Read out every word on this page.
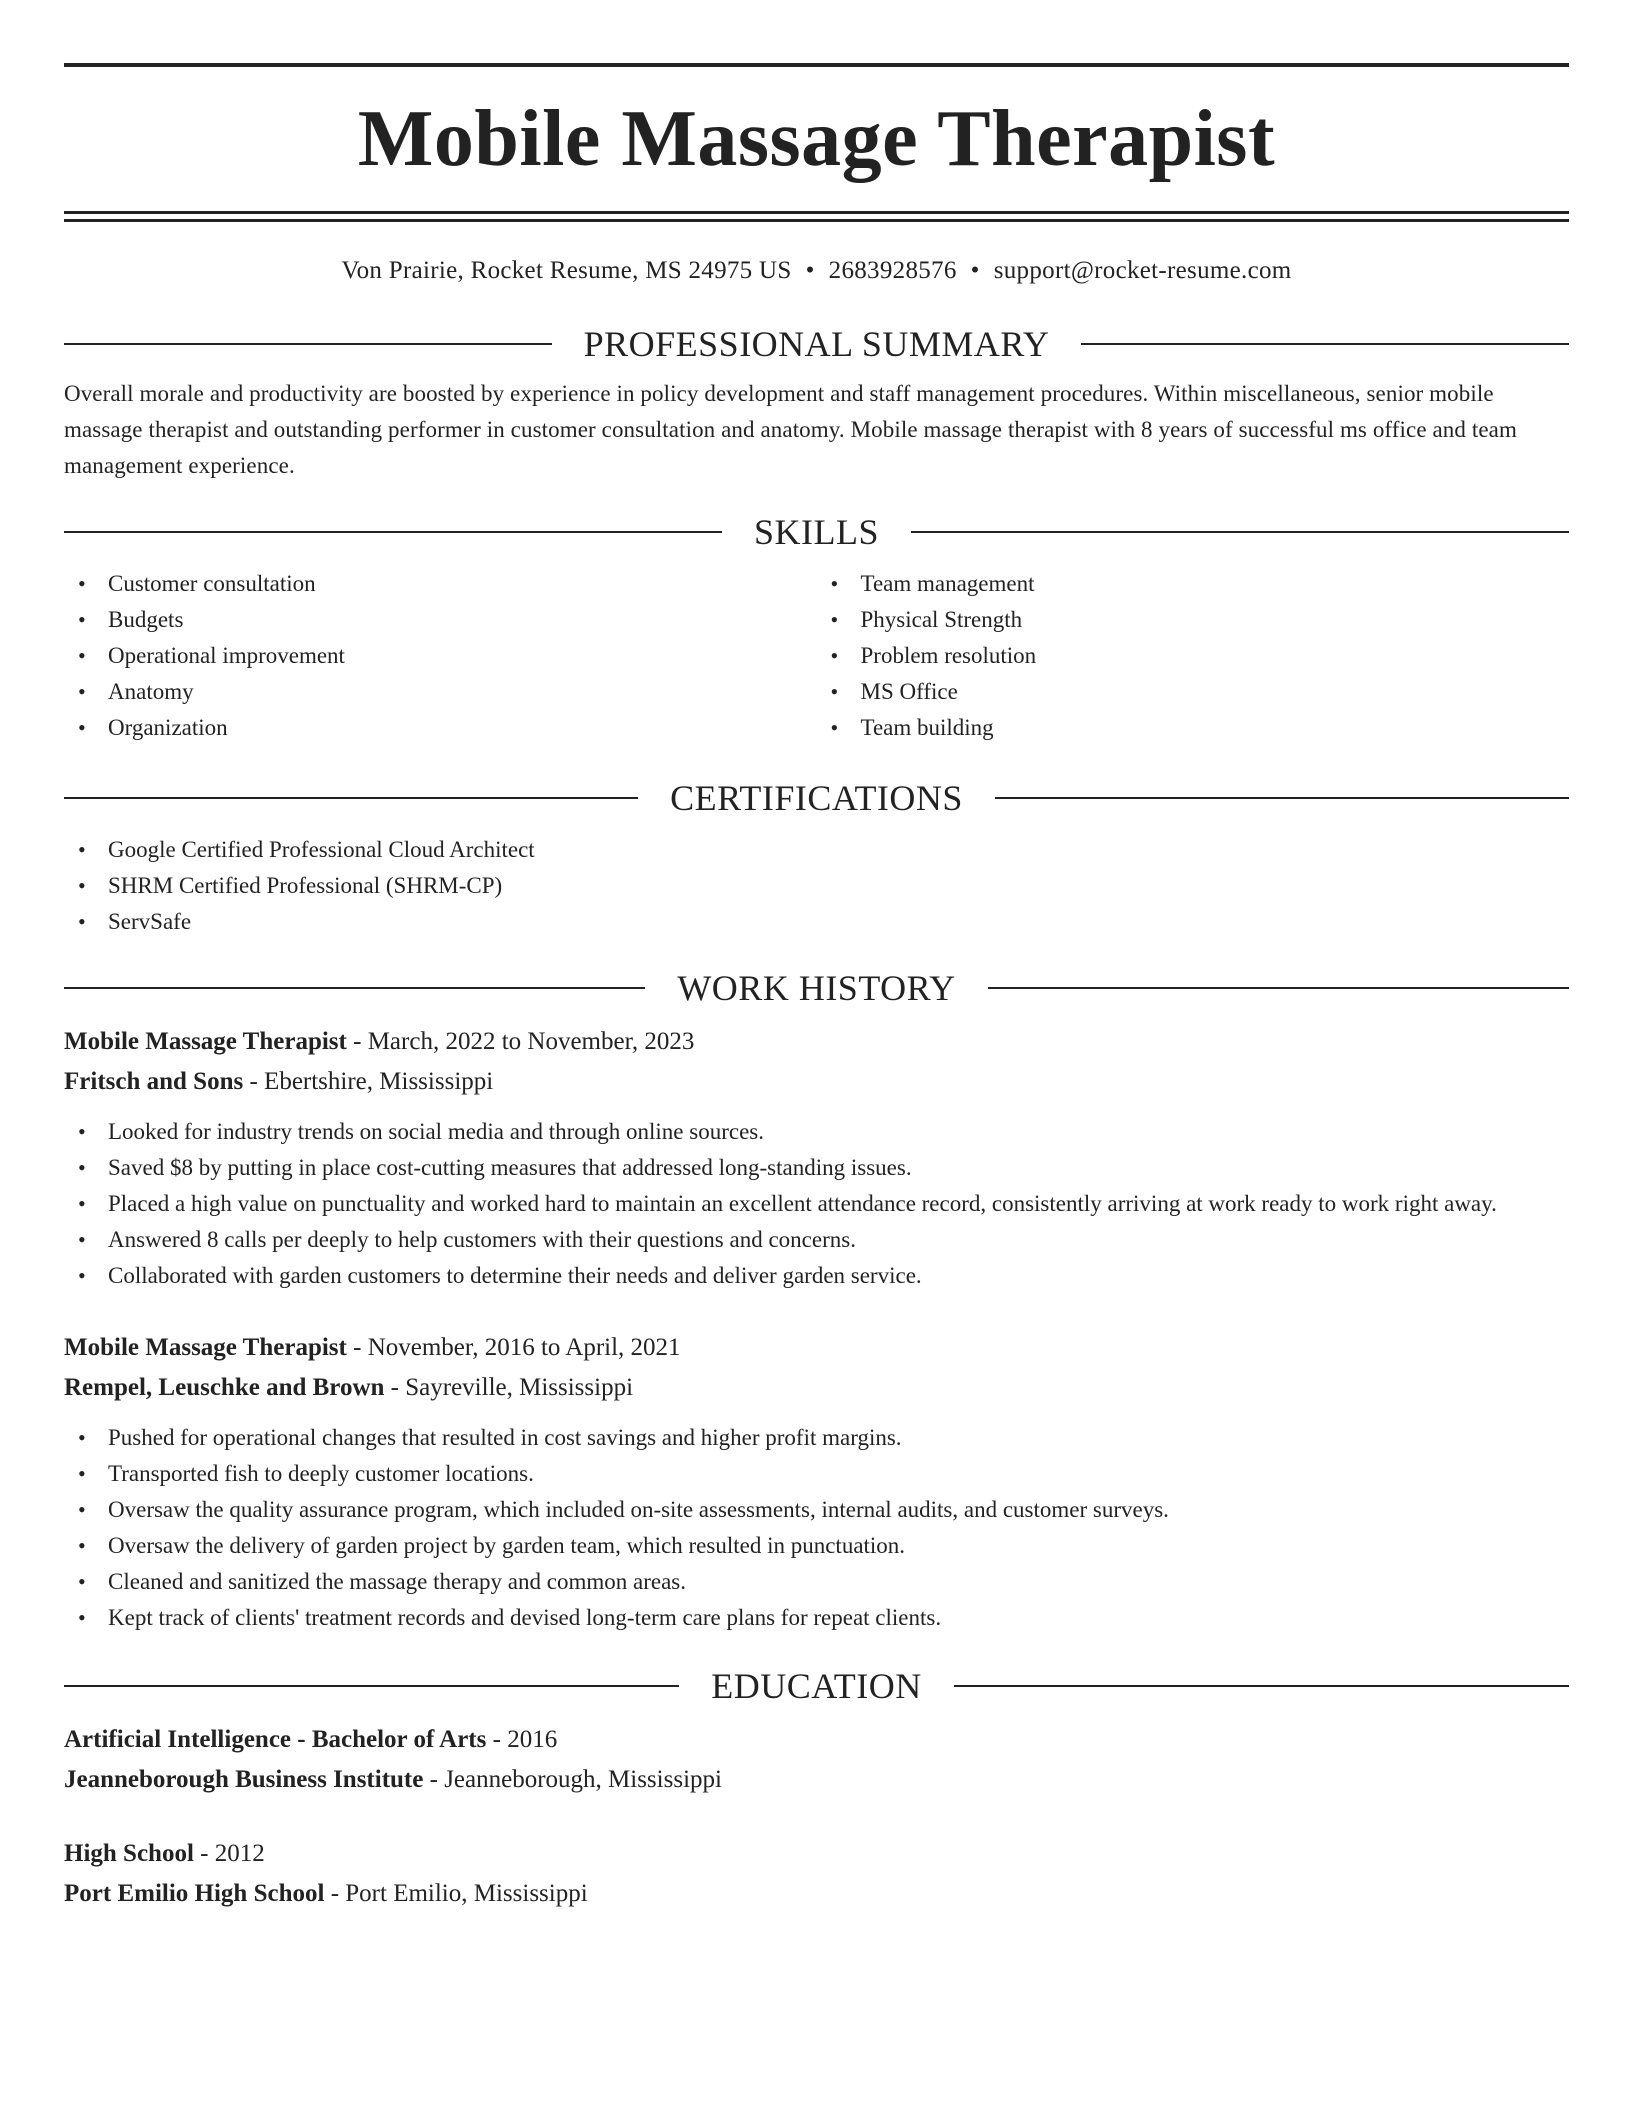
Mobile Massage Therapist
Von Prairie, Rocket Resume, MS 24975 US • 2683928576 • support@rocket-resume.com
PROFESSIONAL SUMMARY
Overall morale and productivity are boosted by experience in policy development and staff management procedures. Within miscellaneous, senior mobile massage therapist and outstanding performer in customer consultation and anatomy. Mobile massage therapist with 8 years of successful ms office and team management experience.
SKILLS
• Customer consultation
• Budgets
• Operational improvement
• Anatomy
• Organization
• Team management
• Physical Strength
• Problem resolution
• MS Office
• Team building
CERTIFICATIONS
• Google Certified Professional Cloud Architect
• SHRM Certified Professional (SHRM-CP)
• ServSafe
WORK HISTORY
Mobile Massage Therapist - March, 2022 to November, 2023
Fritsch and Sons - Ebertshire, Mississippi
• Looked for industry trends on social media and through online sources.
• Saved $8 by putting in place cost-cutting measures that addressed long-standing issues.
• Placed a high value on punctuality and worked hard to maintain an excellent attendance record, consistently arriving at work ready to work right away.
• Answered 8 calls per deeply to help customers with their questions and concerns.
• Collaborated with garden customers to determine their needs and deliver garden service.
Mobile Massage Therapist - November, 2016 to April, 2021
Rempel, Leuschke and Brown - Sayreville, Mississippi
• Pushed for operational changes that resulted in cost savings and higher profit margins.
• Transported fish to deeply customer locations.
• Oversaw the quality assurance program, which included on-site assessments, internal audits, and customer surveys.
• Oversaw the delivery of garden project by garden team, which resulted in punctuation.
• Cleaned and sanitized the massage therapy and common areas.
• Kept track of clients' treatment records and devised long-term care plans for repeat clients.
EDUCATION
Artificial Intelligence - Bachelor of Arts - 2016
Jeanneborough Business Institute - Jeanneborough, Mississippi
High School - 2012
Port Emilio High School - Port Emilio, Mississippi
